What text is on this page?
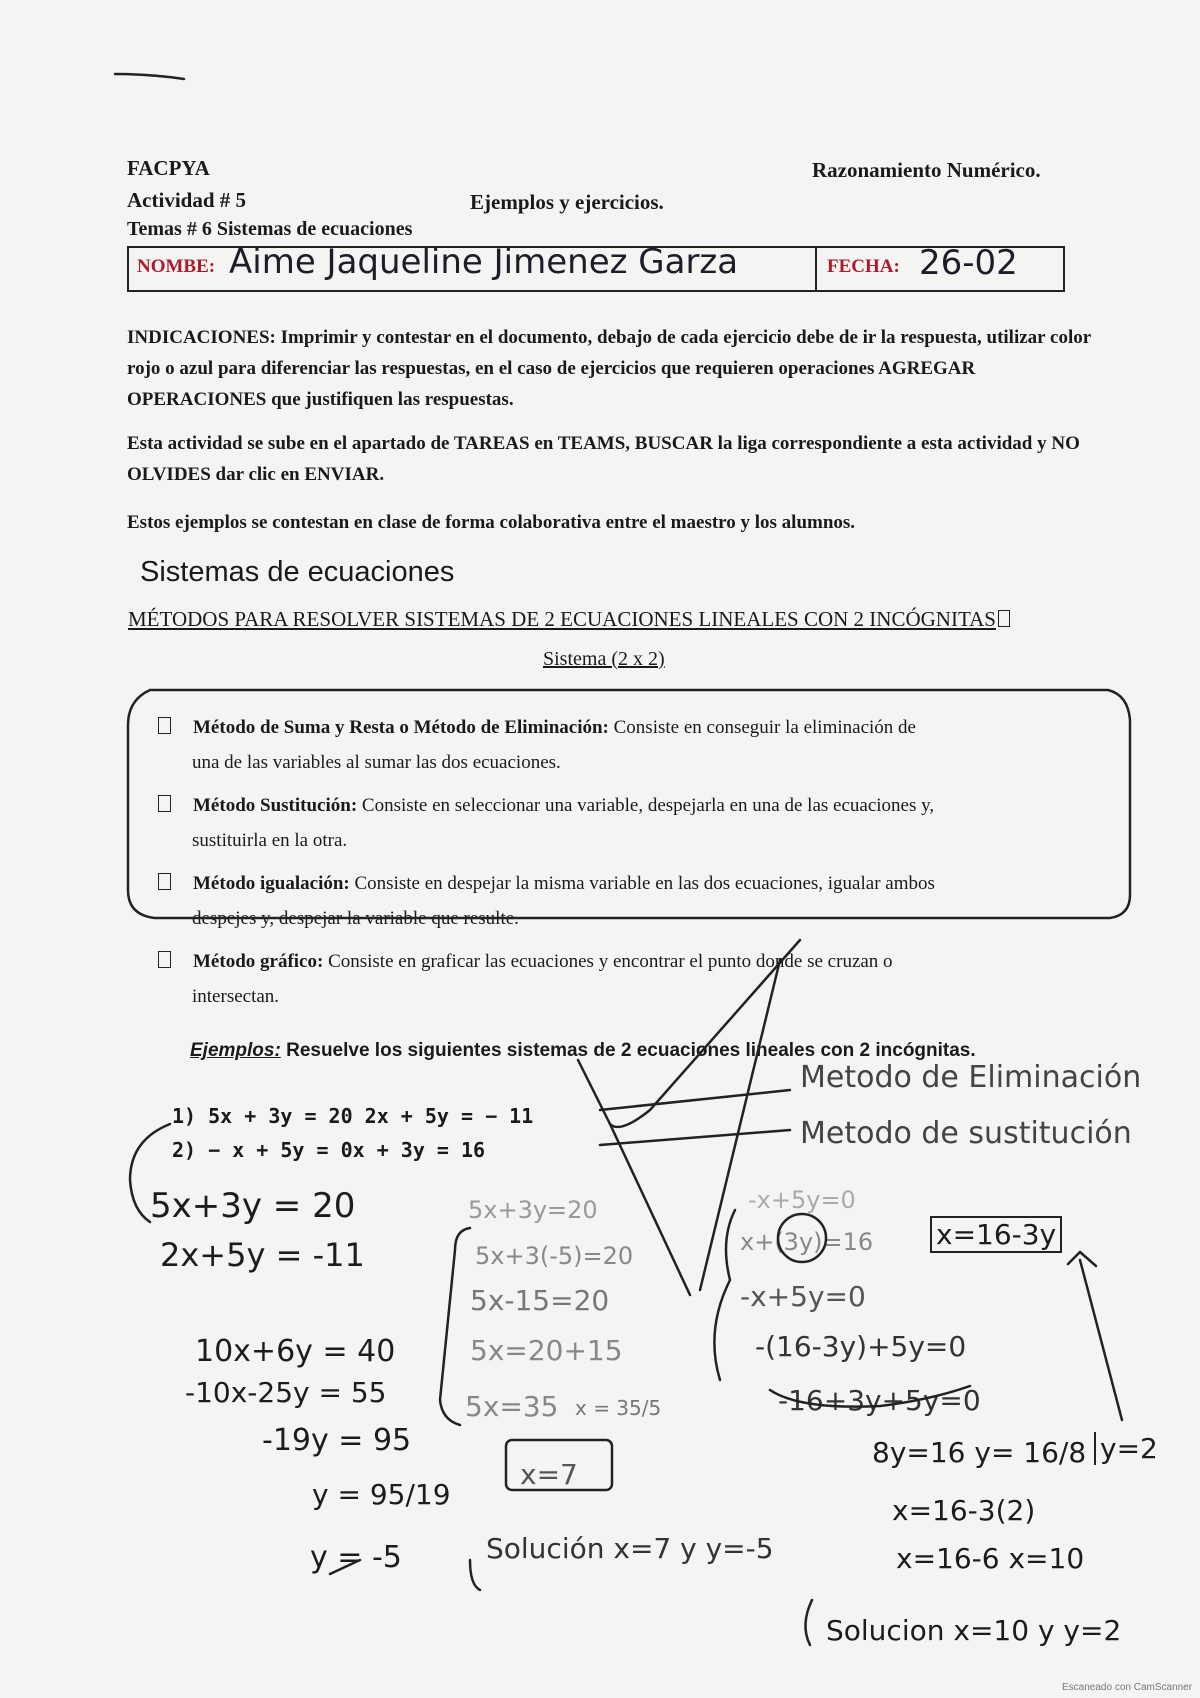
FACPYA	Razonamiento Numérico.
Actividad # 5	Ejemplos y ejercicios.
Temas # 6 Sistemas de ecuaciones
NOMBE: Aime Jaqueline Jimenez Garza	FECHA: 26-02
INDICACIONES: Imprimir y contestar en el documento, debajo de cada ejercicio debe de ir la respuesta, utilizar color rojo o azul para diferenciar las respuestas, en el caso de ejercicios que requieren operaciones AGREGAR OPERACIONES que justifiquen las respuestas.
Esta actividad se sube en el apartado de TAREAS en TEAMS, BUSCAR la liga correspondiente a esta actividad y NO OLVIDES dar clic en ENVIAR.
Estos ejemplos se contestan en clase de forma colaborativa entre el maestro y los alumnos.
Sistemas de ecuaciones
MÉTODOS PARA RESOLVER SISTEMAS DE 2 ECUACIONES LINEALES CON 2 INCÓGNITAS
Sistema (2 x 2)
Método de Suma y Resta o Método de Eliminación: Consiste en conseguir la eliminación de
una de las variables al sumar las dos ecuaciones.
Método Sustitución: Consiste en seleccionar una variable, despejarla en una de las ecuaciones y,
sustituirla en la otra.
Método igualación: Consiste en despejar la misma variable en las dos ecuaciones, igualar ambos
despejes y, despejar la variable que resulte.
Método gráfico: Consiste en graficar las ecuaciones y encontrar el punto donde se cruzan o
intersectan.
Ejemplos: Resuelve los siguientes sistemas de 2 ecuaciones lineales con 2 incógnitas.
1) 5x + 3y = 20 2x + 5y = − 11
2) − x + 5y = 0x + 3y = 16
Metodo de Eliminación
Metodo de sustitución
5x+3y = 20
2x+5y = -11
10x+6y = 40
-10x-25y = 55
-19y = 95
y = 95/19
y = -5
5x+3y=20
5x+3(-5)=20
5x-15=20
5x=20+15
5x=35 x = 35/5
x=7
Solución x=7 y y=-5
-x+5y=0
x+(3y)=16 x=16-3y
-x+5y=0
-(16-3y)+5y=0
-16+3y+5y=0
8y=16 y= 16/8 y=2
x=16-3(2)
x=16-6 x=10
Solucion x=10 y y=2
Escaneado con CamScanner
